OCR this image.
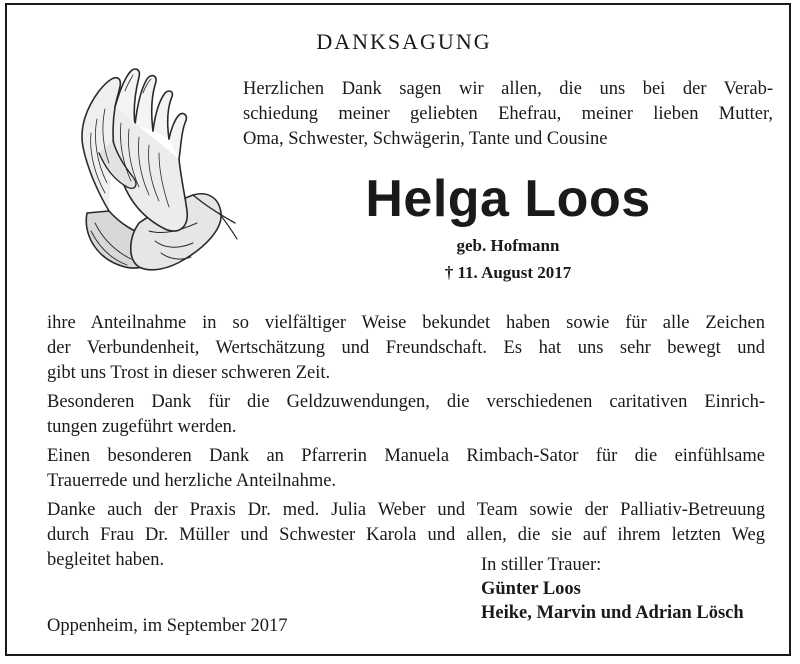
DANKSAGUNG
Herzlichen Dank sagen wir allen, die uns bei der Verab-
schiedung meiner geliebten Ehefrau, meiner lieben Mutter,
Oma, Schwester, Schwägerin, Tante und Cousine
Helga Loos
geb. Hofmann
† 11. August 2017
ihre Anteilnahme in so vielfältiger Weise bekundet haben sowie für alle Zeichen
der Verbundenheit, Wertschätzung und Freundschaft. Es hat uns sehr bewegt und
gibt uns Trost in dieser schweren Zeit.
Besonderen Dank für die Geldzuwendungen, die verschiedenen caritativen Einrich-
tungen zugeführt werden.
Einen besonderen Dank an Pfarrerin Manuela Rimbach-Sator für die einfühlsame
Trauerrede und herzliche Anteilnahme.
Danke auch der Praxis Dr. med. Julia Weber und Team sowie der Palliativ-Betreuung
durch Frau Dr. Müller und Schwester Karola und allen, die sie auf ihrem letzten Weg
begleitet haben.	In stiller Trauer:
Günter Loos
Heike, Marvin und Adrian Lösch
Oppenheim, im September 2017
